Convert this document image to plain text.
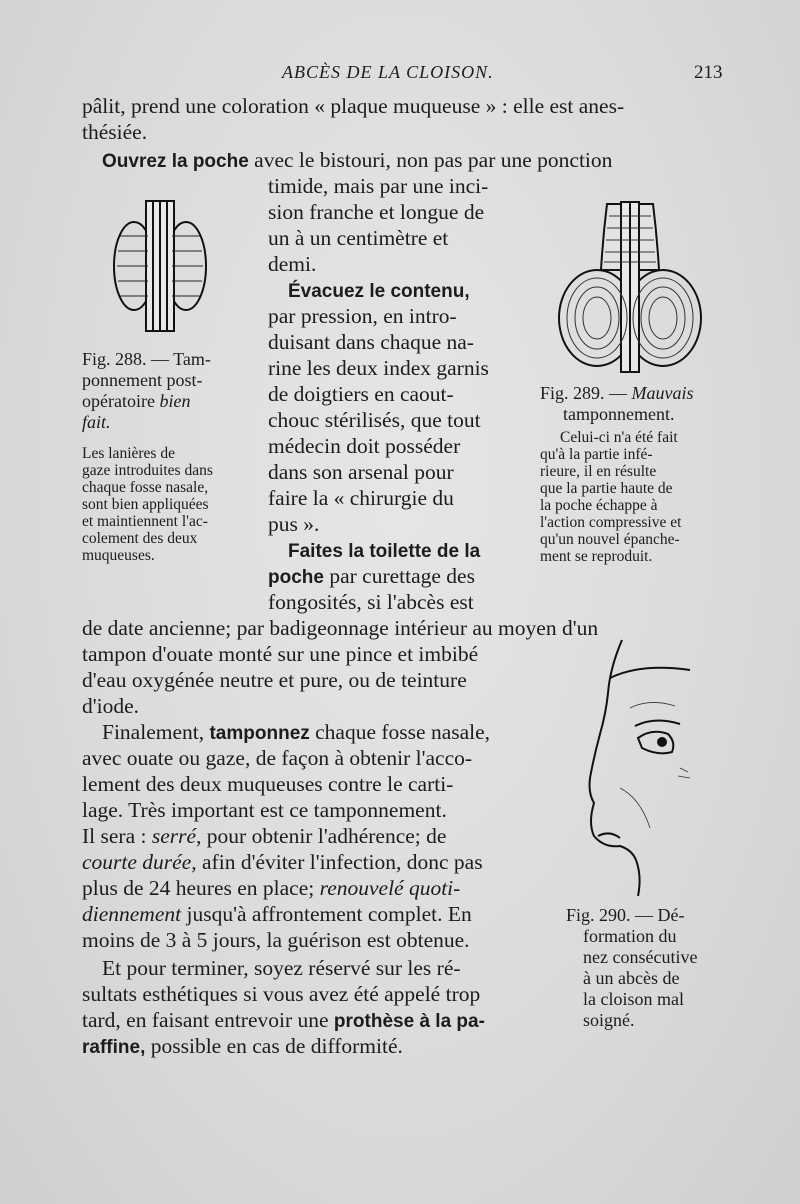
ABCÈS DE LA CLOISON.	213
pâlit, prend une coloration « plaque muqueuse » : elle est anes-
thésiée.
Ouvrez la poche avec le bistouri, non pas par une ponction
timide, mais par une inci-
sion franche et longue de
un à un centimètre et
demi.
Évacuez le contenu,
par pression, en intro-
duisant dans chaque na-
rine les deux index garnis
de doigtiers en caout-
chouc stérilisés, que tout
médecin doit posséder
dans son arsenal pour
faire la « chirurgie du
pus ».
Faites la toilette de la
poche par curettage des
fongosités, si l'abcès est
de date ancienne; par badigeonnage intérieur au moyen d'un
tampon d'ouate monté sur une pince et imbibé
d'eau oxygénée neutre et pure, ou de teinture
d'iode.
Finalement, tamponnez chaque fosse nasale,
avec ouate ou gaze, de façon à obtenir l'acco-
lement des deux muqueuses contre le carti-
lage. Très important est ce tamponnement.
Il sera : serré, pour obtenir l'adhérence; de
courte durée, afin d'éviter l'infection, donc pas
plus de 24 heures en place; renouvelé quoti-
diennement jusqu'à affrontement complet. En
moins de 3 à 5 jours, la guérison est obtenue.
Et pour terminer, soyez réservé sur les ré-
sultats esthétiques si vous avez été appelé trop
tard, en faisant entrevoir une prothèse à la pa-
raffine, possible en cas de difformité.
Fig. 288. — Tam-
ponnement post-
opératoire bien
fait.
Les lanières de
gaze introduites dans
chaque fosse nasale,
sont bien appliquées
et maintiennent l'ac-
colement des deux
muqueuses.
Fig. 289. — Mauvais
tamponnement.
Celui-ci n'a été fait
qu'à la partie infé-
rieure, il en résulte
que la partie haute de
la poche échappe à
l'action compressive et
qu'un nouvel épanche-
ment se reproduit.
Fig. 290. — Dé-
formation du
nez consécutive
à un abcès de
la cloison mal
soigné.
